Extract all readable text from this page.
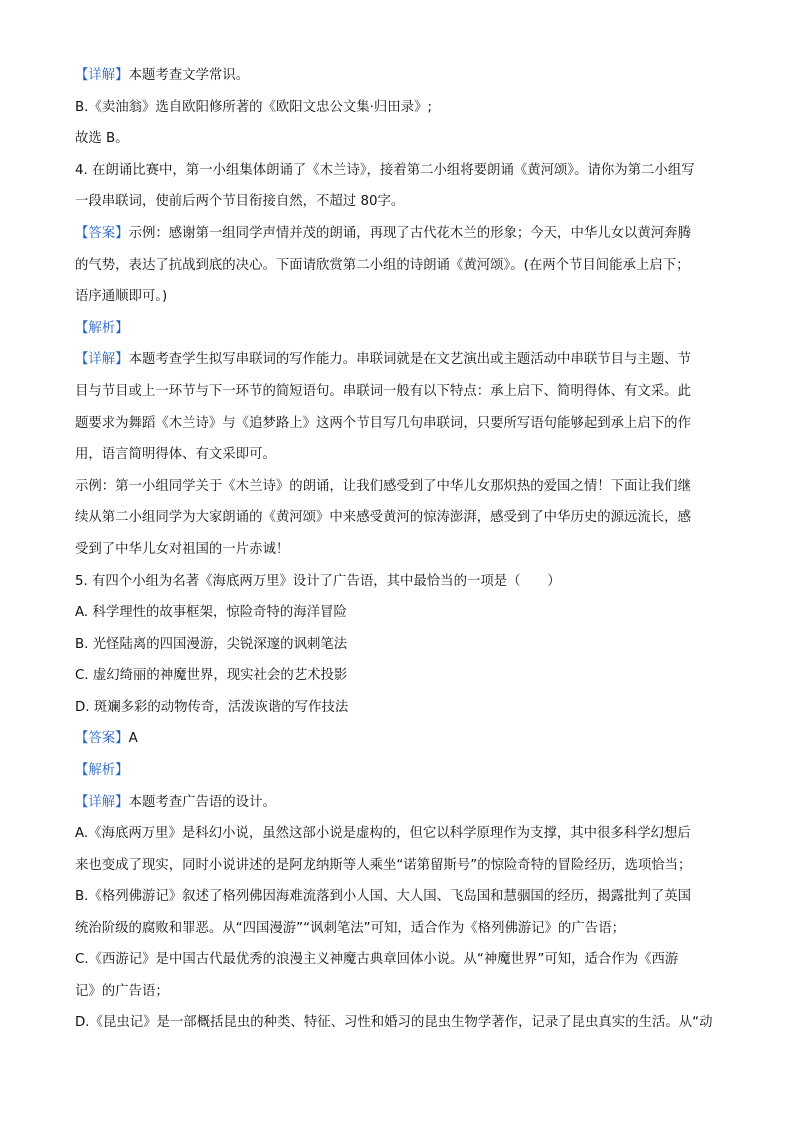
【详解】本题考查文学常识。
B.《卖油翁》选自欧阳修所著的《欧阳文忠公文集·归田录》;
故选 B。
4. 在朗诵比赛中，第一小组集体朗诵了《木兰诗》，接着第二小组将要朗诵《黄河颂》。请你为第二小组写
一段串联词，使前后两个节目衔接自然，不超过 80字。
【答案】示例：感谢第一组同学声情并茂的朗诵，再现了古代花木兰的形象；今天，中华儿女以黄河奔腾
的气势，表达了抗战到底的决心。下面请欣赏第二小组的诗朗诵《黄河颂》。(在两个节目间能承上启下；
语序通顺即可。)
【解析】
【详解】本题考查学生拟写串联词的写作能力。串联词就是在文艺演出或主题活动中串联节目与主题、节
目与节目或上一环节与下一环节的简短语句。串联词一般有以下特点：承上启下、简明得体、有文采。此
题要求为舞蹈《木兰诗》与《追梦路上》这两个节目写几句串联词，只要所写语句能够起到承上启下的作
用，语言简明得体、有文采即可。
示例：第一小组同学关于《木兰诗》的朗诵，让我们感受到了中华儿女那炽热的爱国之情！下面让我们继
续从第二小组同学为大家朗诵的《黄河颂》中来感受黄河的惊涛澎湃，感受到了中华历史的源远流长，感
受到了中华儿女对祖国的一片赤诚！
5. 有四个小组为名著《海底两万里》设计了广告语，其中最恰当的一项是（　　）
A. 科学理性的故事框架，惊险奇特的海洋冒险
B. 光怪陆离的四国漫游，尖锐深邃的讽刺笔法
C. 虚幻绮丽的神魔世界，现实社会的艺术投影
D. 斑斓多彩的动物传奇，活泼诙谐的写作技法
【答案】A
【解析】
【详解】本题考查广告语的设计。
A.《海底两万里》是科幻小说，虽然这部小说是虚构的，但它以科学原理作为支撑，其中很多科学幻想后
来也变成了现实，同时小说讲述的是阿龙纳斯等人乘坐“诺第留斯号”的惊险奇特的冒险经历，选项恰当；
B.《格列佛游记》叙述了格列佛因海难流落到小人国、大人国、飞岛国和慧骃国的经历，揭露批判了英国
统治阶级的腐败和罪恶。从“四国漫游”“讽刺笔法”可知，适合作为《格列佛游记》的广告语；
C.《西游记》是中国古代最优秀的浪漫主义神魔古典章回体小说。从“神魔世界”可知，适合作为《西游
记》的广告语；
D.《昆虫记》是一部概括昆虫的种类、特征、习性和婚习的昆虫生物学著作，记录了昆虫真实的生活。从“动
